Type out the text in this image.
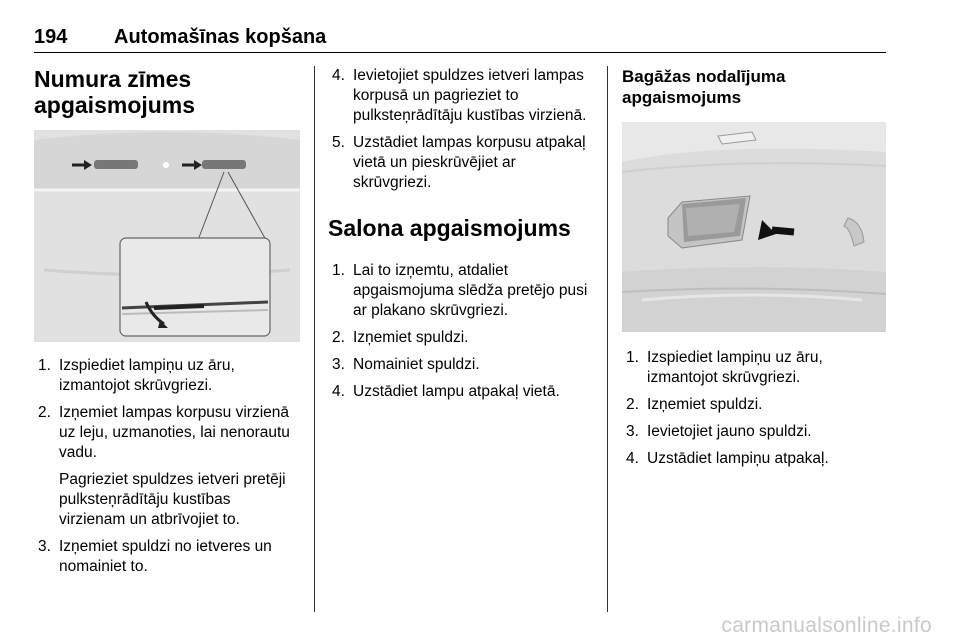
194 Automašīnas kopšana
Numura zīmes
apgaismojums
1. Izspiediet lampiņu uz āru, izmantojot skrūvgriezi.
2. Izņemiet lampas korpusu virzienā uz leju, uzmanoties, lai nenorautu vadu.
Pagrieziet spuldzes ietveri pretēji pulksteņrādītāju kustības virzienam un atbrīvojiet to.
3. Izņemiet spuldzi no ietveres un nomainiet to.
4. Ievietojiet spuldzes ietveri lampas korpusā un pagrieziet to pulksteņrādītāju kustības virzienā.
5. Uzstādiet lampas korpusu atpakaļ vietā un pieskrūvējiet ar skrūvgriezi.
Salona apgaismojums
1. Lai to izņemtu, atdaliet apgaismojuma slēdža pretējo pusi ar plakano skrūvgriezi.
2. Izņemiet spuldzi.
3. Nomainiet spuldzi.
4. Uzstādiet lampu atpakaļ vietā.
Bagāžas nodalījuma
apgaismojums
1. Izspiediet lampiņu uz āru, izmantojot skrūvgriezi.
2. Izņemiet spuldzi.
3. Ievietojiet jauno spuldzi.
4. Uzstādiet lampiņu atpakaļ.
carmanualsonline.info
